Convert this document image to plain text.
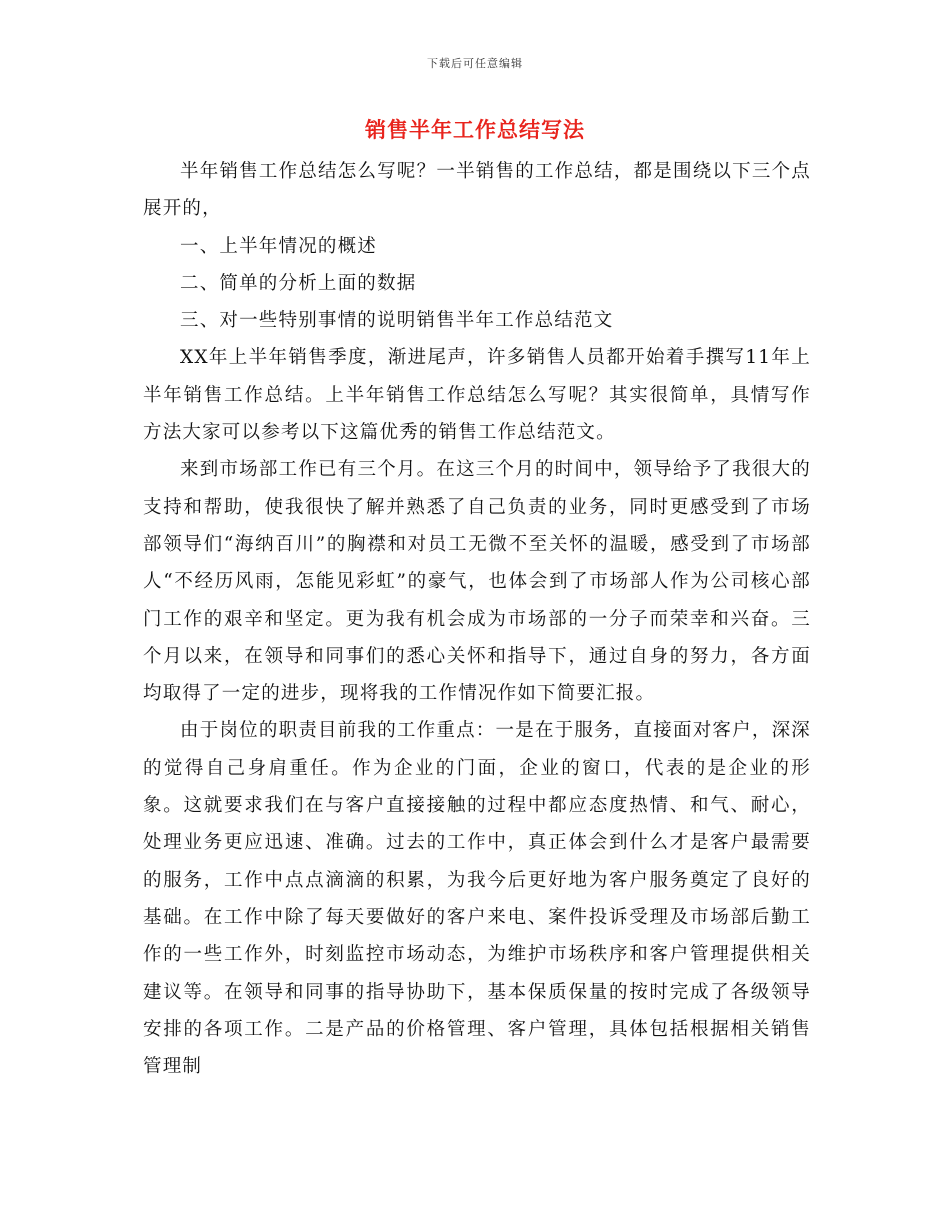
下载后可任意编辑
销售半年工作总结写法

半年销售工作总结怎么写呢？一半销售的工作总结，都是围绕以下三个点展开的，

一、上半年情况的概述

二、简单的分析上面的数据

三、对一些特别事情的说明销售半年工作总结范文

XX年上半年销售季度，渐进尾声，许多销售人员都开始着手撰写11年上半年销售工作总结。上半年销售工作总结怎么写呢？其实很简单，具情写作方法大家可以参考以下这篇优秀的销售工作总结范文。

来到市场部工作已有三个月。在这三个月的时间中，领导给予了我很大的支持和帮助，使我很快了解并熟悉了自己负责的业务，同时更感受到了市场部领导们“海纳百川”的胸襟和对员工无微不至关怀的温暖，感受到了市场部人“不经历风雨，怎能见彩虹”的豪气，也体会到了市场部人作为公司核心部门工作的艰辛和坚定。更为我有机会成为市场部的一分子而荣幸和兴奋。三个月以来，在领导和同事们的悉心关怀和指导下，通过自身的努力，各方面均取得了一定的进步，现将我的工作情况作如下简要汇报。

由于岗位的职责目前我的工作重点：一是在于服务，直接面对客户，深深的觉得自己身肩重任。作为企业的门面，企业的窗口，代表的是企业的形象。这就要求我们在与客户直接接触的过程中都应态度热情、和气、耐心，处理业务更应迅速、准确。过去的工作中，真正体会到什么才是客户最需要的服务，工作中点点滴滴的积累，为我今后更好地为客户服务奠定了良好的基础。在工作中除了每天要做好的客户来电、案件投诉受理及市场部后勤工作的一些工作外，时刻监控市场动态，为维护市场秩序和客户管理提供相关建议等。在领导和同事的指导协助下，基本保质保量的按时完成了各级领导安排的各项工作。二是产品的价格管理、客户管理，具体包括根据相关销售管理制
